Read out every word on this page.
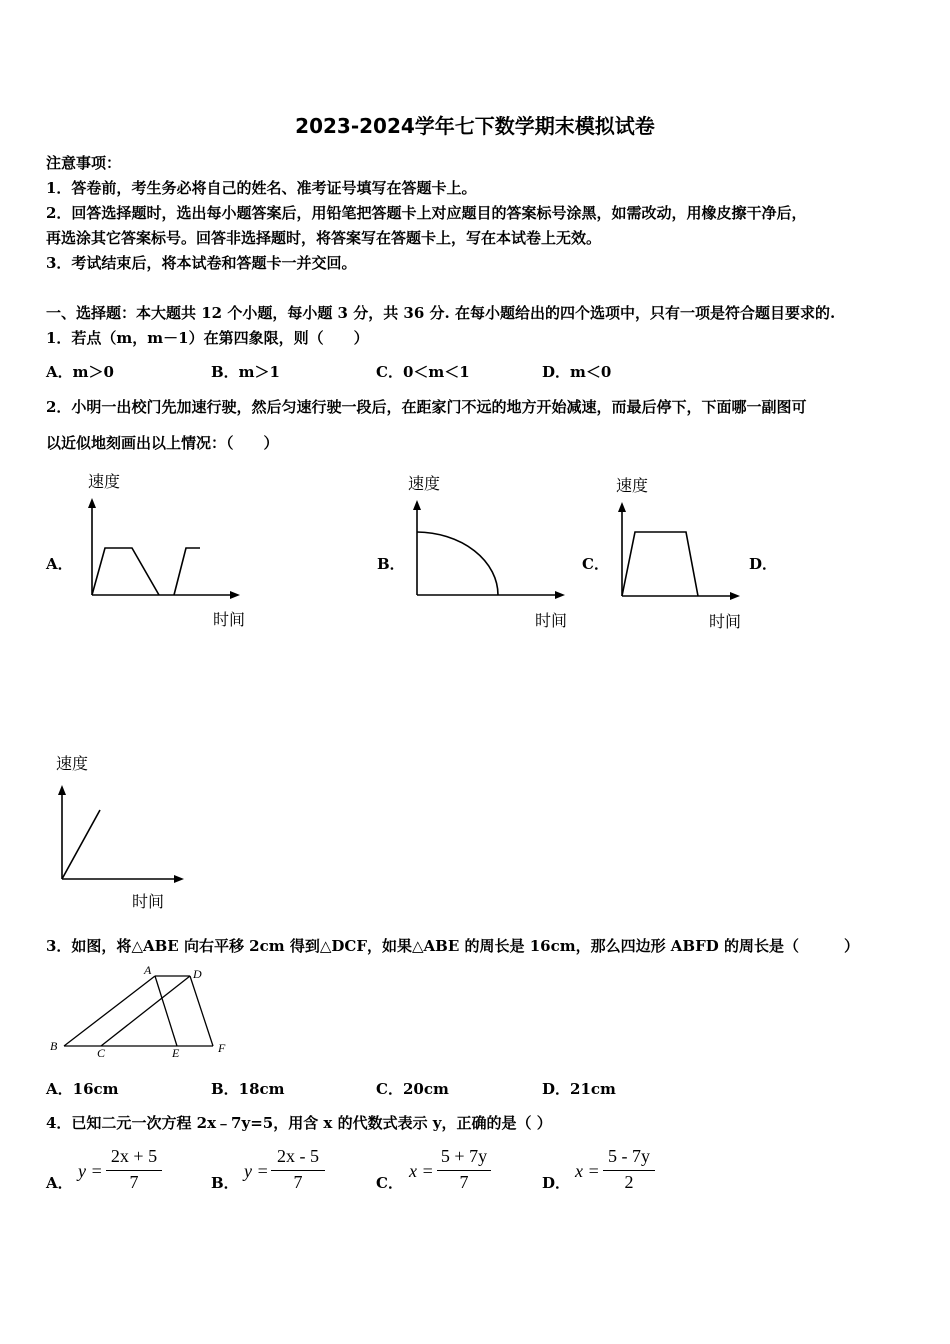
2023-2024学年七下数学期末模拟试卷
注意事项：
1．答卷前，考生务必将自己的姓名、准考证号填写在答题卡上。
2．回答选择题时，选出每小题答案后，用铅笔把答题卡上对应题目的答案标号涂黑，如需改动，用橡皮擦干净后，
再选涂其它答案标号。回答非选择题时，将答案写在答题卡上，写在本试卷上无效。
3．考试结束后，将本试卷和答题卡一并交回。
一、选择题：本大题共 12 个小题，每小题 3 分，共 36 分. 在每小题给出的四个选项中，只有一项是符合题目要求的.
1．若点（m，m－1）在第四象限，则（　　）
A．m＞0	B．m＞1	C．0＜m＜1	D．m＜0
2．小明一出校门先加速行驶，然后匀速行驶一段后，在距家门不远的地方开始减速，而最后停下，下面哪一副图可
以近似地刻画出以上情况：（　　）
A．	B．	C．	D．
速度
时间
速度
时间
速度
时间
速度
时间
3．如图，将△ABE 向右平移 2cm 得到△DCF，如果△ABE 的周长是 16cm，那么四边形 ABFD 的周长是（　　　）
A	D
B	C	E	F
A．16cm	B．18cm	C．20cm	D．21cm
4．已知二元一次方程 2x﹣7y=5，用含 x 的代数式表示 y，正确的是（ ）
A．	B．	C．	D．
y =
2x + 5
7
y =
2x - 5
7
x =
5 + 7y
7
x =
5 - 7y
2
